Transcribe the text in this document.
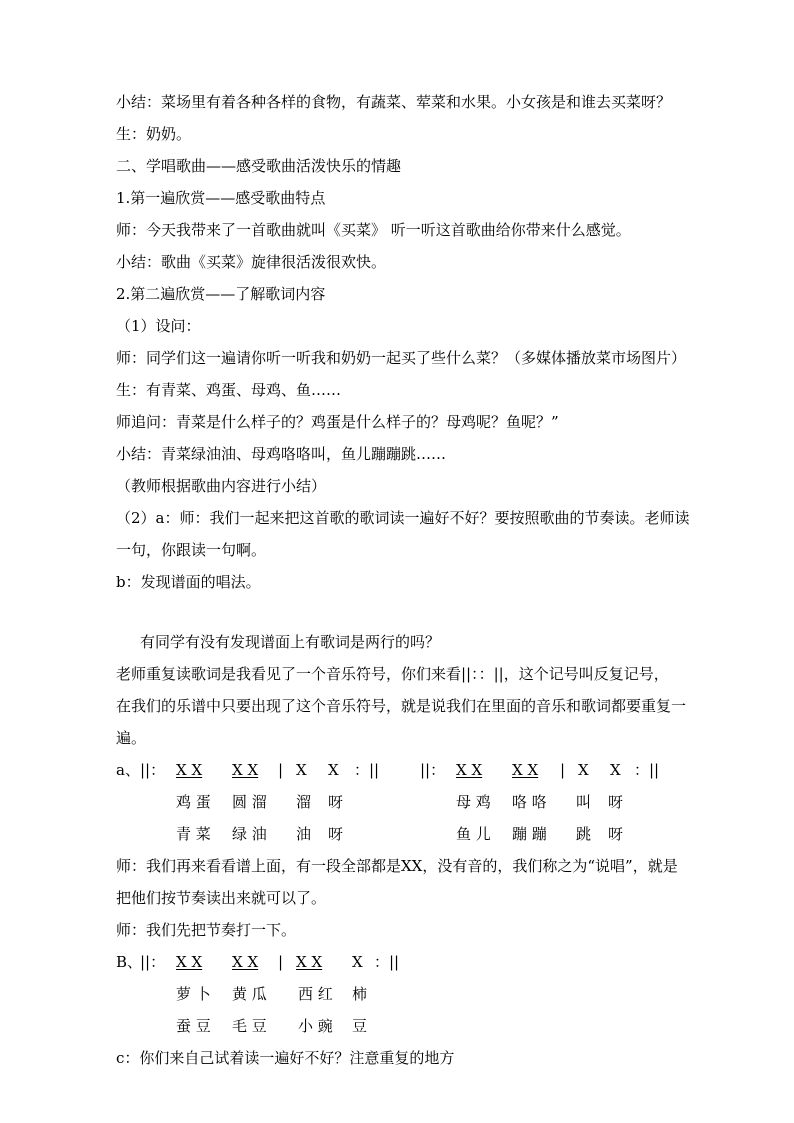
小结：菜场里有着各种各样的食物，有蔬菜、荤菜和水果。小女孩是和谁去买菜呀？
生：奶奶。
二、学唱歌曲——感受歌曲活泼快乐的情趣
1.第一遍欣赏——感受歌曲特点
师：今天我带来了一首歌曲就叫《买菜》 听一听这首歌曲给你带来什么感觉。
小结：歌曲《买菜》旋律很活泼很欢快。
2.第二遍欣赏——了解歌词内容
（1）设问：
师：同学们这一遍请你听一听我和奶奶一起买了些什么菜？（多媒体播放菜市场图片）
生：有青菜、鸡蛋、母鸡、鱼……
师追问：青菜是什么样子的？鸡蛋是什么样子的？母鸡呢？鱼呢？”
小结：青菜绿油油、母鸡咯咯叫，鱼儿蹦蹦跳……
（教师根据歌曲内容进行小结）
（2）a：师：我们一起来把这首歌的歌词读一遍好不好？要按照歌曲的节奏读。老师读
一句，你跟读一句啊。
b：发现谱面的唱法。
有同学有没有发现谱面上有歌词是两行的吗？
老师重复读歌词是我看见了一个音乐符号，你们来看||：：||，这个记号叫反复记号，
在我们的乐谱中只要出现了这个音乐符号，就是说我们在里面的音乐和歌词都要重复一
遍。
a、 ||： X X X X | X X ：||	||： X X X X | X X ：||
鸡 蛋 圆 溜 溜 呀	母 鸡 咯 咯 叫 呀
青 菜 绿 油 油 呀	鱼 儿 蹦 蹦 跳 呀
师：我们再来看看谱上面，有一段全部都是XX，没有音的，我们称之为“说唱”，就是
把他们按节奏读出来就可以了。
师：我们先把节奏打一下。
B、
||： X X X X | X X X ：||
萝 卜 黄 瓜 西 红 柿
蚕 豆 毛 豆 小 豌 豆
c：你们来自己试着读一遍好不好？注意重复的地方
